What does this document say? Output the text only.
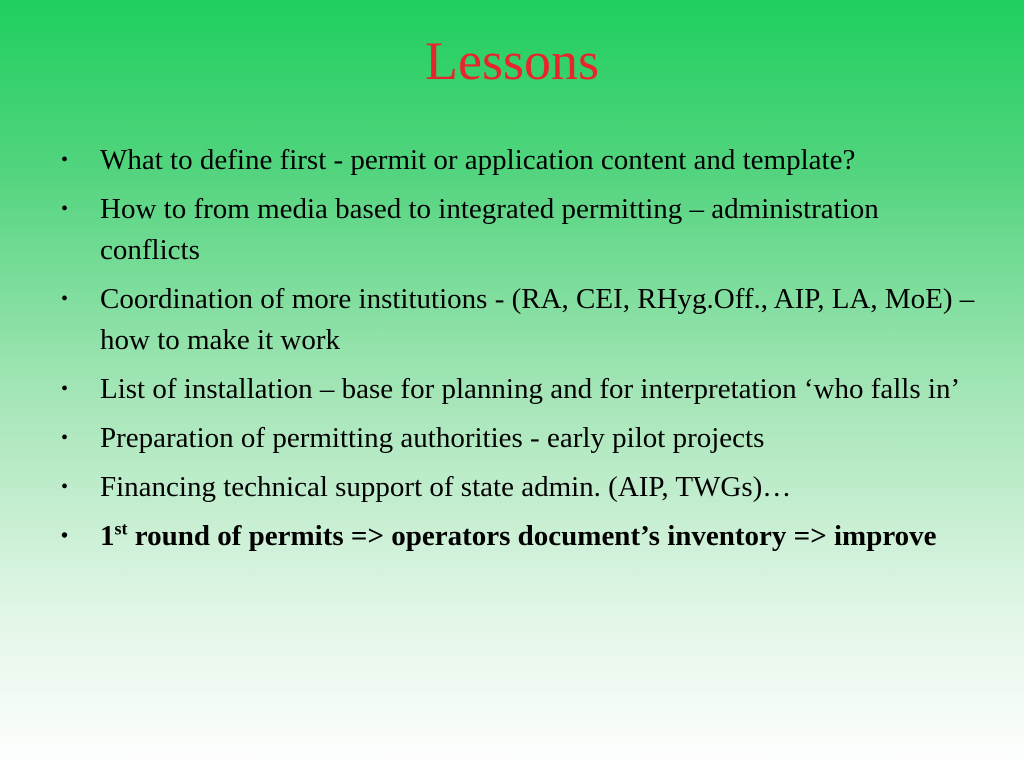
Lessons
• What to define first - permit or application content and template?
• How to from media based to integrated permitting – administration conflicts
• Coordination of more institutions - (RA, CEI, RHyg.Off., AIP, LA, MoE) – how to make it work
• List of installation – base for planning and for interpretation ‘who falls in’
• Preparation of permitting authorities - early pilot projects
• Financing technical support of state admin. (AIP, TWGs)…
• 1st round of permits => operators document’s inventory => improve
